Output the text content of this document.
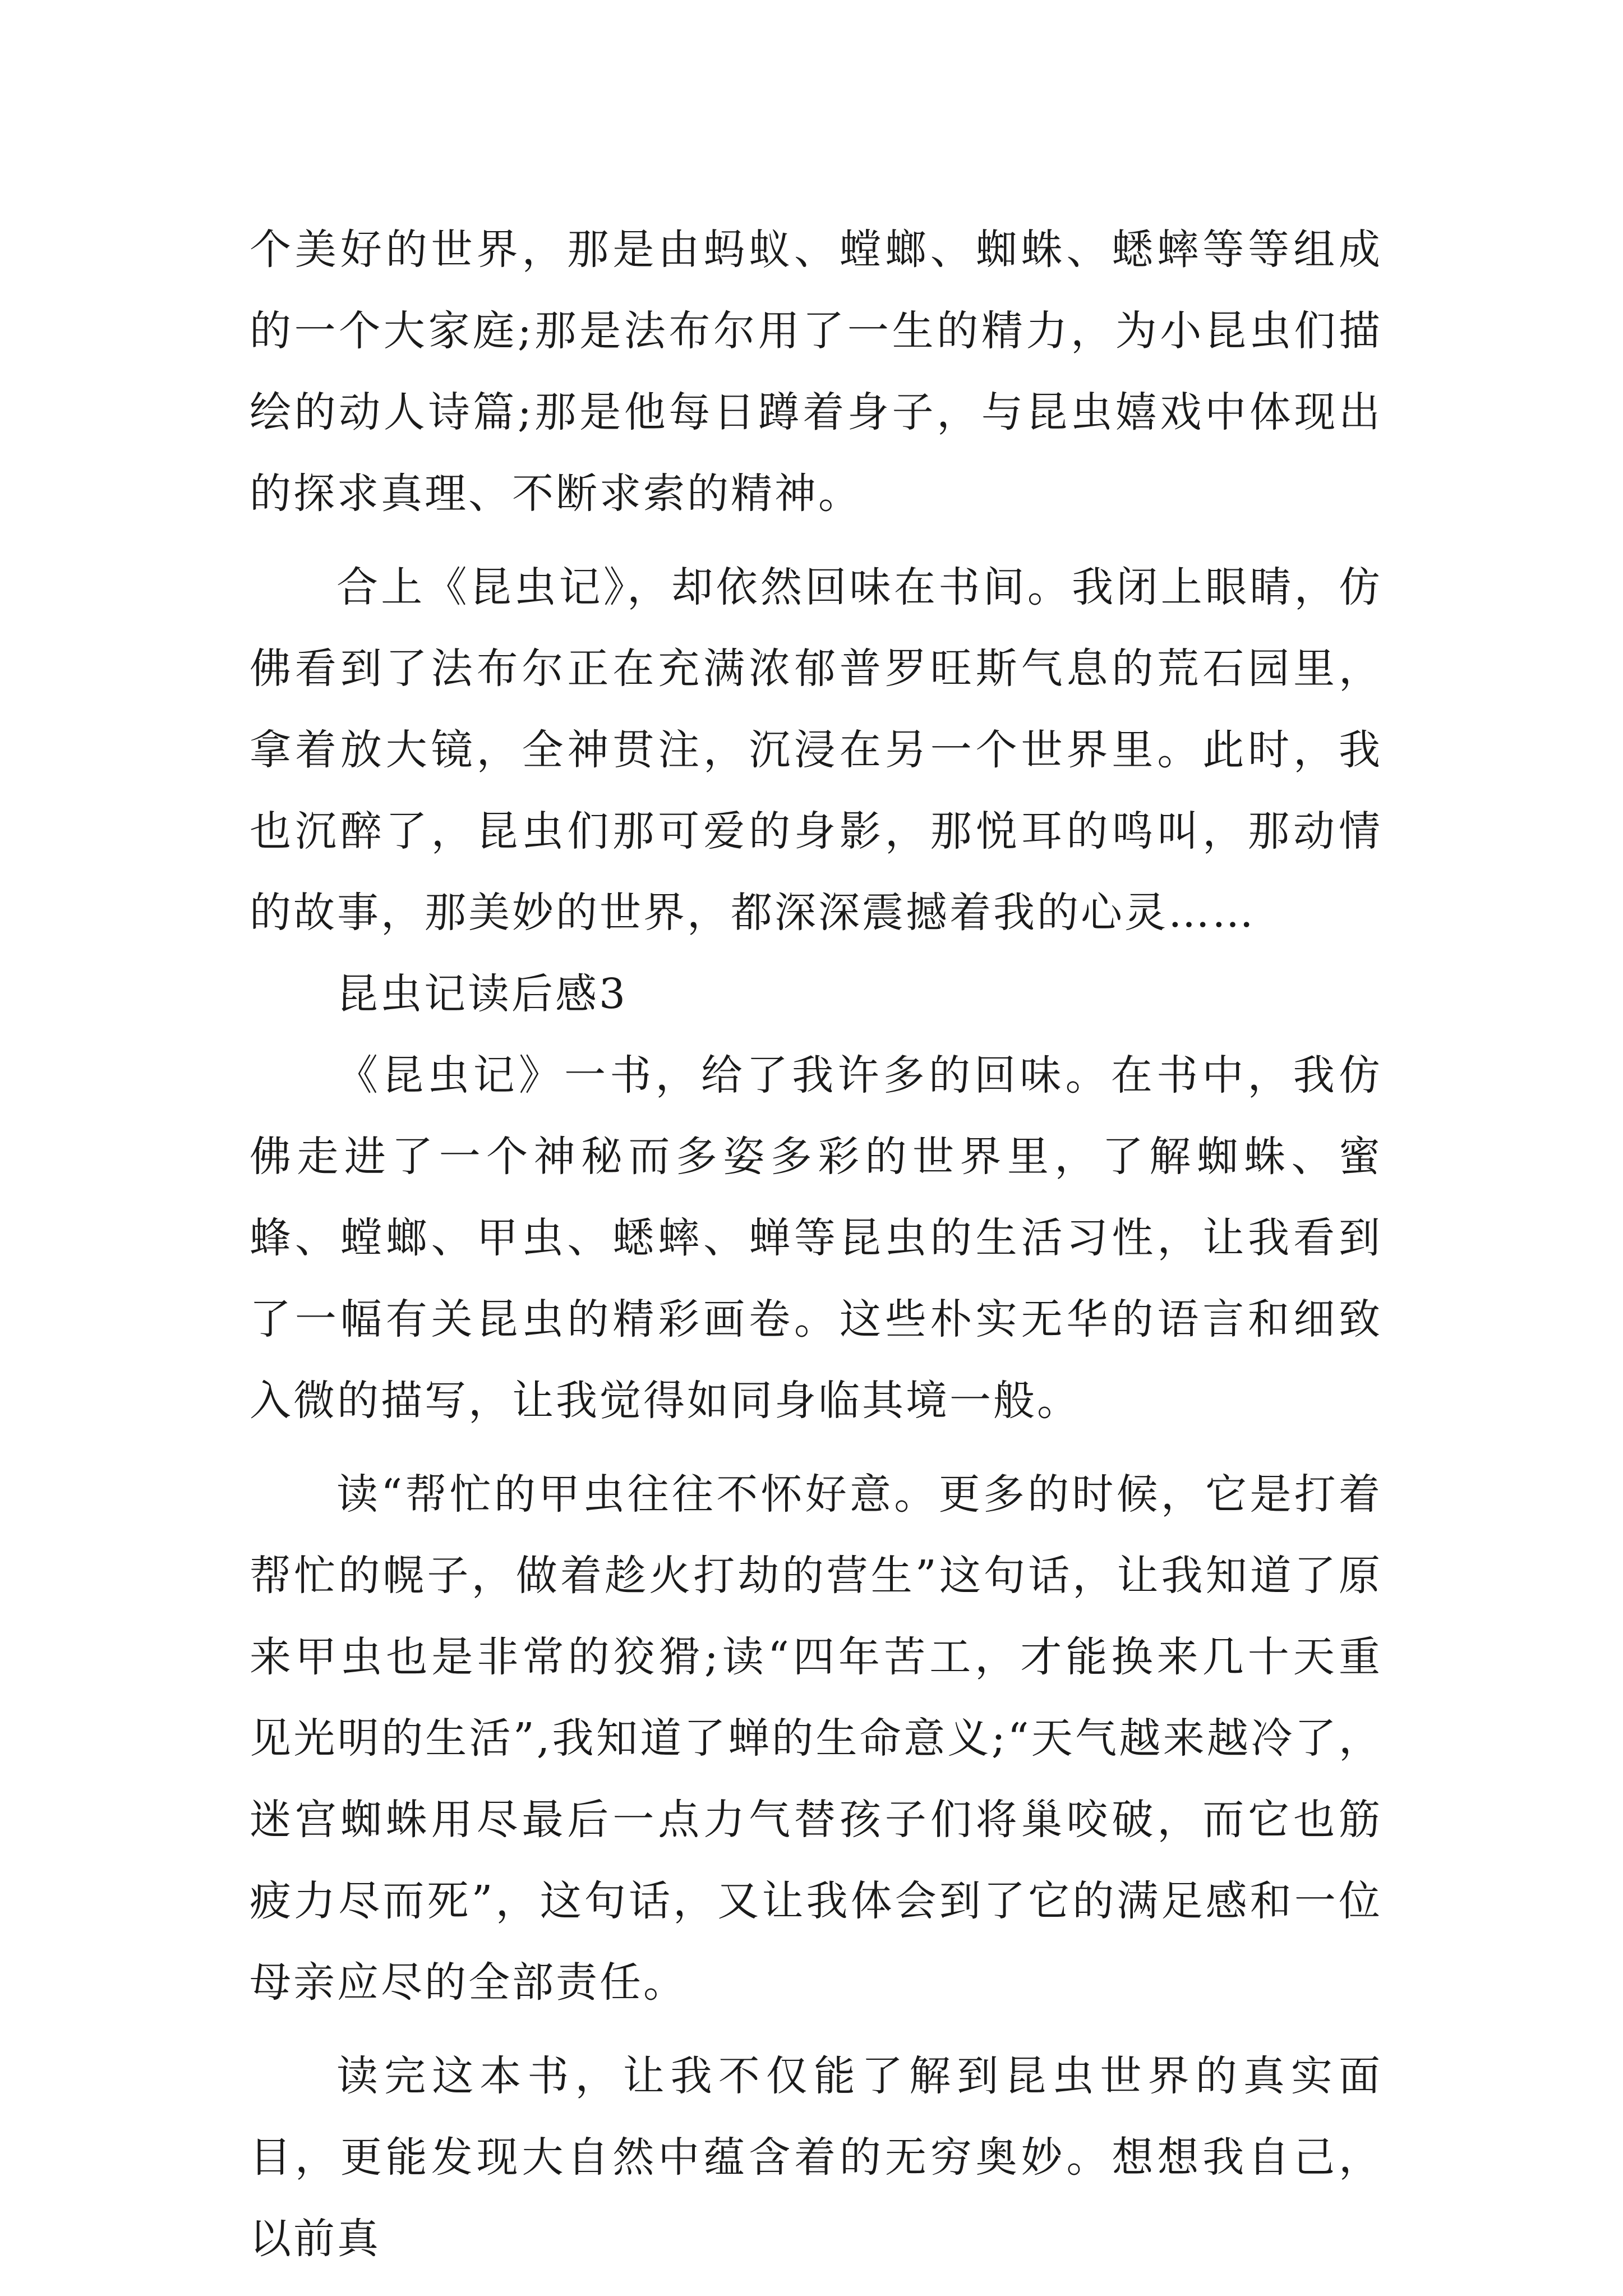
个美好的世界，那是由蚂蚁、螳螂、蜘蛛、蟋蟀等等组成的一个大家庭;那是法布尔用了一生的精力，为小昆虫们描绘的动人诗篇;那是他每日蹲着身子，与昆虫嬉戏中体现出的探求真理、不断求索的精神。

合上《昆虫记》，却依然回味在书间。我闭上眼睛，仿佛看到了法布尔正在充满浓郁普罗旺斯气息的荒石园里，拿着放大镜，全神贯注，沉浸在另一个世界里。此时，我也沉醉了，昆虫们那可爱的身影，那悦耳的鸣叫，那动情的故事，那美妙的世界，都深深震撼着我的心灵……

昆虫记读后感3

《昆虫记》一书，给了我许多的回味。在书中，我仿佛走进了一个神秘而多姿多彩的世界里，了解蜘蛛、蜜蜂、螳螂、甲虫、蟋蟀、蝉等昆虫的生活习性，让我看到了一幅有关昆虫的精彩画卷。这些朴实无华的语言和细致入微的描写，让我觉得如同身临其境一般。

读“帮忙的甲虫往往不怀好意。更多的时候，它是打着帮忙的幌子，做着趁火打劫的营生”这句话，让我知道了原来甲虫也是非常的狡猾;读“四年苦工，才能换来几十天重见光明的生活”,我知道了蝉的生命意义;“天气越来越冷了，迷宫蜘蛛用尽最后一点力气替孩子们将巢咬破，而它也筋疲力尽而死”，这句话，又让我体会到了它的满足感和一位母亲应尽的全部责任。

读完这本书，让我不仅能了解到昆虫世界的真实面目，更能发现大自然中蕴含着的无穷奥妙。想想我自己，以前真
